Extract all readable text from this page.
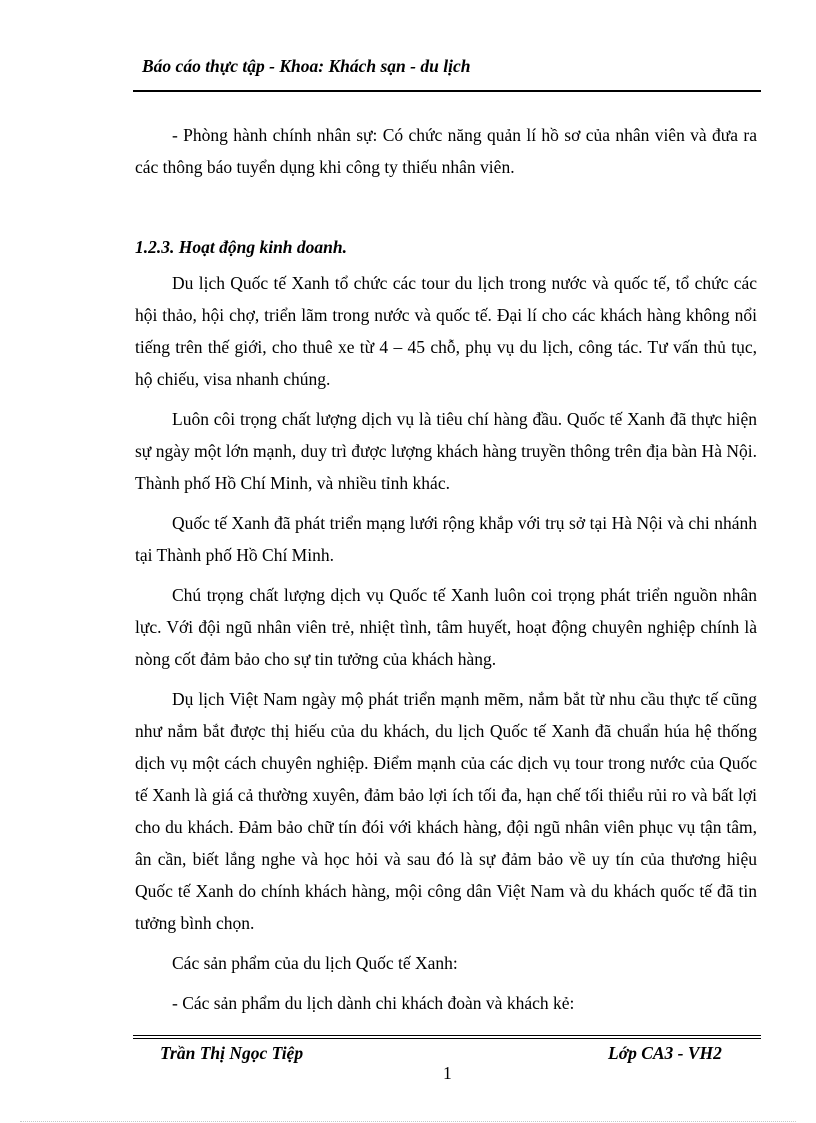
Báo cáo thực tập - Khoa: Khách sạn - du lịch

- Phòng hành chính nhân sự: Có chức năng quản lí hồ sơ của nhân viên và đưa ra các thông báo tuyển dụng khi công ty thiếu nhân viên.

1.2.3. Hoạt động kinh doanh.

Du lịch Quốc tế Xanh tổ chức các tour du lịch trong nước và quốc tế, tổ chức các hội thảo, hội chợ, triển lãm trong nước và quốc tế. Đại lí cho các khách hàng không nổi tiếng trên thế giới, cho thuê xe từ 4 – 45 chỗ, phụ vụ du lịch, công tác. Tư vấn thủ tục, hộ chiếu, visa nhanh chúng.

Luôn côi trọng chất lượng dịch vụ là tiêu chí hàng đầu. Quốc tế Xanh đã thực hiện sự ngày một lớn mạnh, duy trì được lượng khách hàng truyền thông trên địa bàn Hà Nội. Thành phố Hồ Chí Minh, và nhiều tỉnh khác.

Quốc tế Xanh đã phát triển mạng lưới rộng khắp với trụ sở tại Hà Nội và chi nhánh tại Thành phố Hồ Chí Minh.

Chú trọng chất lượng dịch vụ Quốc tế Xanh luôn coi trọng phát triển nguồn nhân lực. Với đội ngũ nhân viên trẻ, nhiệt tình, tâm huyết, hoạt động chuyên nghiệp chính là nòng cốt đảm bảo cho sự tin tưởng của khách hàng.

Dụ lịch Việt Nam ngày mộ phát triển mạnh mẽm, nắm bắt từ nhu cầu thực tế cũng như nắm bắt được thị hiếu của du khách, du lịch Quốc tế Xanh đã chuẩn húa hệ thống dịch vụ một cách chuyên nghiệp. Điểm mạnh của các dịch vụ tour trong nước của Quốc tế Xanh là giá cả thường xuyên, đảm bảo lợi ích tối đa, hạn chế tối thiểu rủi ro và bất lợi cho du khách. Đảm bảo chữ tín đói với khách hàng, đội ngũ nhân viên phục vụ tận tâm, ân cần, biết lắng nghe và học hỏi và sau đó là sự đảm bảo về uy tín của thương hiệu Quốc tế Xanh do chính khách hàng, mội công dân Việt Nam và du khách quốc tế đã tin tưởng bình chọn.

Các sản phẩm của du lịch Quốc tế Xanh:

- Các sản phẩm du lịch dành chi khách đoàn và khách kẻ:

Trần Thị Ngọc Tiệp	Lớp CA3 - VH2
1
